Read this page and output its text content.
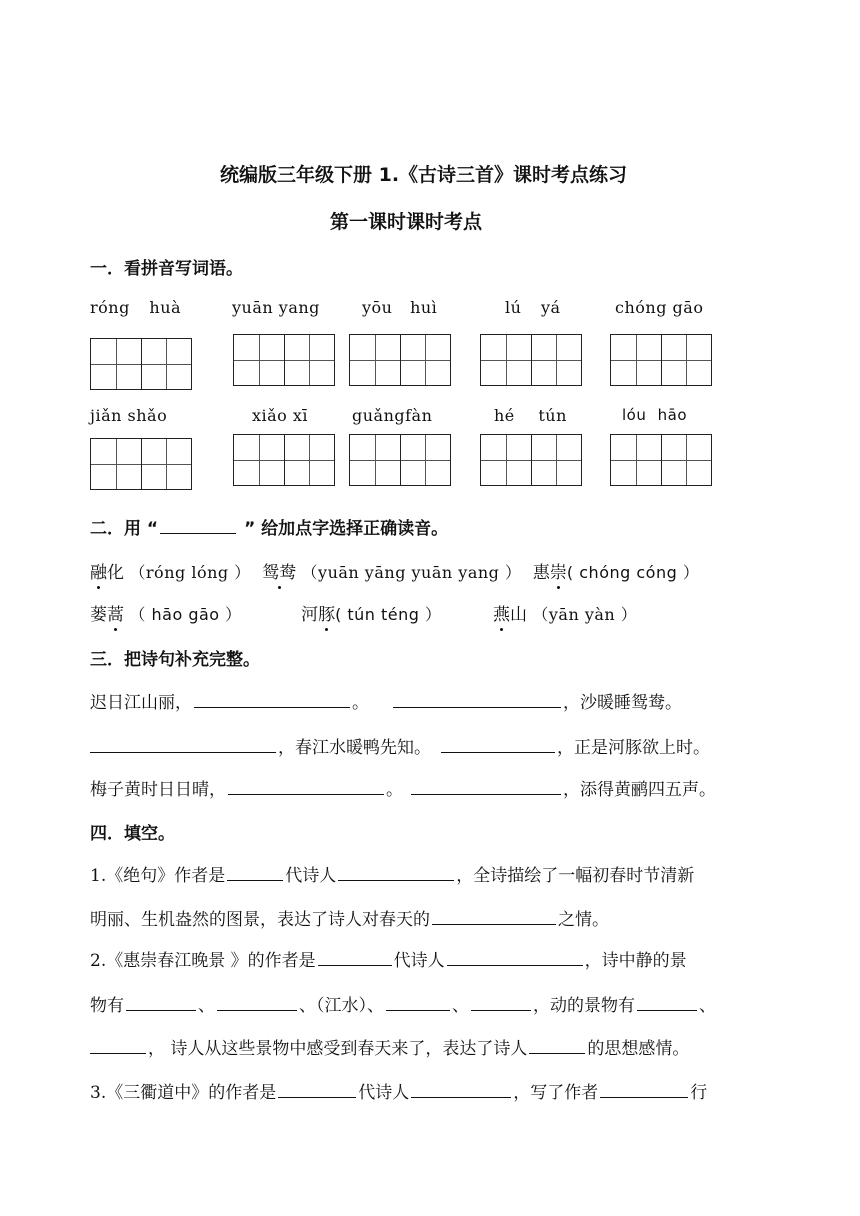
统编版三年级下册 1.《古诗三首》课时考点练习
第一课时课时考点
一．看拼音写词语。
róng huà	yuān yang	yōu huì	lú yá	chóng gāo
jiǎn shǎo	xiǎo xī	guǎngfàn	hé tún	lóu hāo
二．用 “	” 给加点字选择正确读音。
融化 （róng lóng ） 鸳鸯 （yuān yāng yuān yang ） 惠崇( chóng cóng ）
蒌蒿 （ hāo gāo ）	河豚( tún téng ）	燕山 （yān yàn ）
三．把诗句补充完整。
迟日江山丽，	。	，沙暖睡鸳鸯。
，春江水暖鸭先知。	，正是河豚欲上时。
梅子黄时日日晴，	。	，添得黄鹂四五声。
四．填空。
1.《绝句》作者是	代诗人	，全诗描绘了一幅初春时节清新
明丽、生机盎然的图景，表达了诗人对春天的	之情。
2.《惠崇春江晚景 》的作者是	代诗人	，诗中静的景
物有	、	、（江水）、	、	，动的景物有	、
， 诗人从这些景物中感受到春天来了，表达了诗人	的思想感情。
3.《三衢道中》的作者是	代诗人	，写了作者	行
